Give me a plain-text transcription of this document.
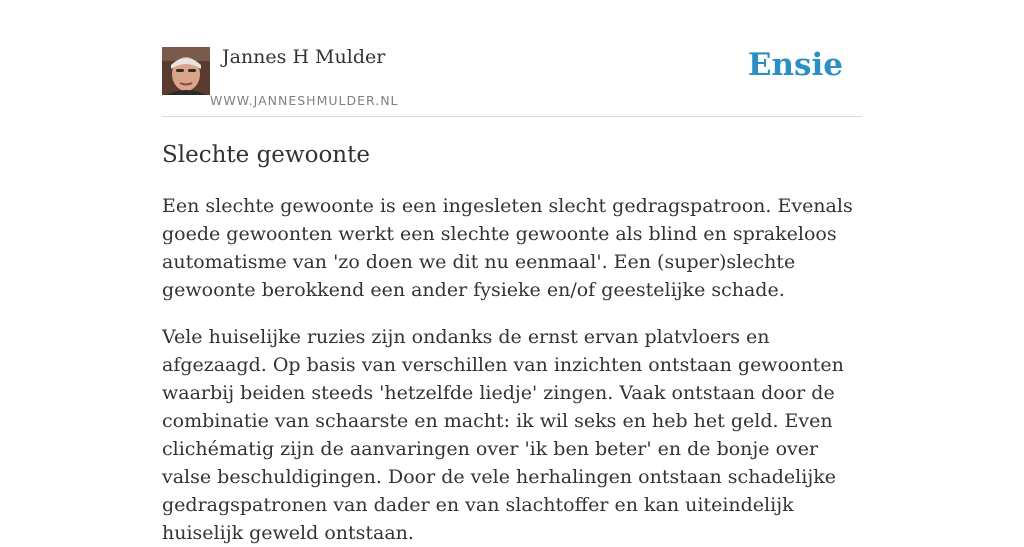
Jannes H Mulder
WWW.JANNESHMULDER.NL
Ensie
Slechte gewoonte

Een slechte gewoonte is een ingesleten slecht gedragspatroon. Evenals goede gewoonten werkt een slechte gewoonte als blind en sprakeloos automatisme van 'zo doen we dit nu eenmaal'. Een (super)slechte gewoonte berokkend een ander fysieke en/of geestelijke schade.

Vele huiselijke ruzies zijn ondanks de ernst ervan platvloers en afgezaagd. Op basis van verschillen van inzichten ontstaan gewoonten waarbij beiden steeds 'hetzelfde liedje' zingen. Vaak ontstaan door de combinatie van schaarste en macht: ik wil seks en heb het geld. Even clichématig zijn de aanvaringen over 'ik ben beter' en de bonje over valse beschuldigingen. Door de vele herhalingen ontstaan schadelijke gedragspatronen van dader en van slachtoffer en kan uiteindelijk huiselijk geweld ontstaan.
